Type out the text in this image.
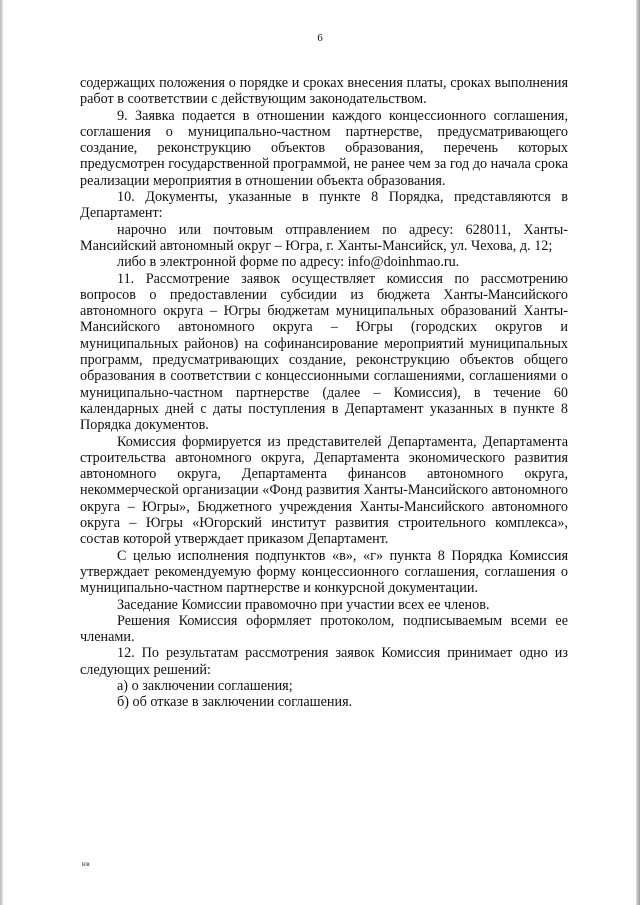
6

содержащих положения о порядке и сроках внесения платы, сроках выполнения работ в соответствии с действующим законодательством.

9. Заявка подается в отношении каждого концессионного соглашения, соглашения о муниципально-частном партнерстве, предусматривающего создание, реконструкцию объектов образования, перечень которых предусмотрен государственной программой, не ранее чем за год до начала срока реализации мероприятия в отношении объекта образования.

10. Документы, указанные в пункте 8 Порядка, представляются в Департамент:

нарочно или почтовым отправлением по адресу: 628011, Ханты-Мансийский автономный округ – Югра, г. Ханты-Мансийск, ул. Чехова, д. 12;

либо в электронной форме по адресу: info@doinhmao.ru.

11. Рассмотрение заявок осуществляет комиссия по рассмотрению вопросов о предоставлении субсидии из бюджета Ханты-Мансийского автономного округа – Югры бюджетам муниципальных образований Ханты-Мансийского автономного округа – Югры (городских округов и муниципальных районов) на софинансирование мероприятий муниципальных программ, предусматривающих создание, реконструкцию объектов общего образования в соответствии с концессионными соглашениями, соглашениями о муниципально-частном партнерстве (далее – Комиссия), в течение 60 календарных дней с даты поступления в Департамент указанных в пункте 8 Порядка документов.

Комиссия формируется из представителей Департамента, Департамента строительства автономного округа, Департамента экономического развития автономного округа, Департамента финансов автономного округа, некоммерческой организации «Фонд развития Ханты-Мансийского автономного округа – Югры», Бюджетного учреждения Ханты-Мансийского автономного округа – Югры «Югорский институт развития строительного комплекса», состав которой утверждает приказом Департамент.

С целью исполнения подпунктов «в», «г» пункта 8 Порядка Комиссия утверждает рекомендуемую форму концессионного соглашения, соглашения о муниципально-частном партнерстве и конкурсной документации.

Заседание Комиссии правомочно при участии всех ее членов.

Решения Комиссия оформляет протоколом, подписываемым всеми ее членами.

12. По результатам рассмотрения заявок Комиссия принимает одно из следующих решений:

а) о заключении соглашения;

б) об отказе в заключении соглашения.

нв
